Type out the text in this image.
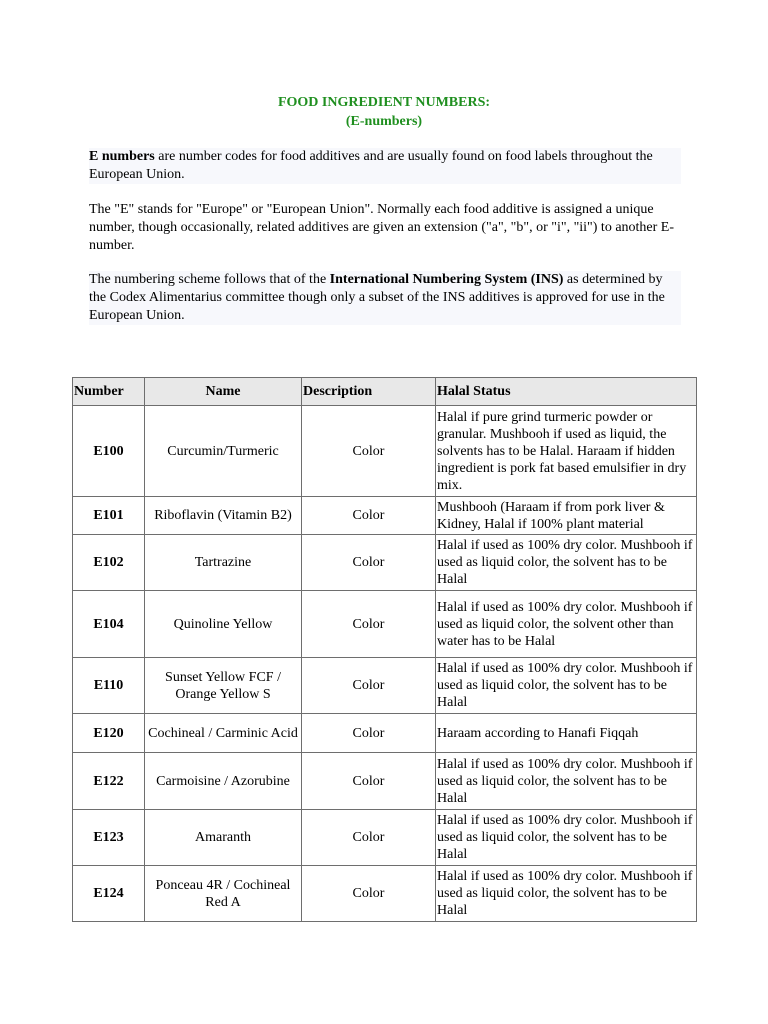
FOOD INGREDIENT NUMBERS:
(E-numbers)

E numbers are number codes for food additives and are usually found on food labels throughout the European Union.

The "E" stands for "Europe" or "European Union". Normally each food additive is assigned a unique number, though occasionally, related additives are given an extension ("a", "b", or "i", "ii") to another E-number.

The numbering scheme follows that of the International Numbering System (INS) as determined by the Codex Alimentarius committee though only a subset of the INS additives is approved for use in the European Union.

Number	Name	Description	Halal Status
E100	Curcumin/Turmeric	Color	Halal if pure grind turmeric powder or granular. Mushbooh if used as liquid, the solvents has to be Halal. Haraam if hidden ingredient is pork fat based emulsifier in dry mix.
E101	Riboflavin (Vitamin B2)	Color	Mushbooh (Haraam if from pork liver & Kidney, Halal if 100% plant material
E102	Tartrazine	Color	Halal if used as 100% dry color. Mushbooh if used as liquid color, the solvent has to be Halal
E104	Quinoline Yellow	Color	Halal if used as 100% dry color. Mushbooh if used as liquid color, the solvent other than water has to be Halal
E110	Sunset Yellow FCF / Orange Yellow S	Color	Halal if used as 100% dry color. Mushbooh if used as liquid color, the solvent has to be Halal
E120	Cochineal / Carminic Acid	Color	Haraam according to Hanafi Fiqqah
E122	Carmoisine / Azorubine	Color	Halal if used as 100% dry color. Mushbooh if used as liquid color, the solvent has to be Halal
E123	Amaranth	Color	Halal if used as 100% dry color. Mushbooh if used as liquid color, the solvent has to be Halal
E124	Ponceau 4R / Cochineal Red A	Color	Halal if used as 100% dry color. Mushbooh if used as liquid color, the solvent has to be Halal
